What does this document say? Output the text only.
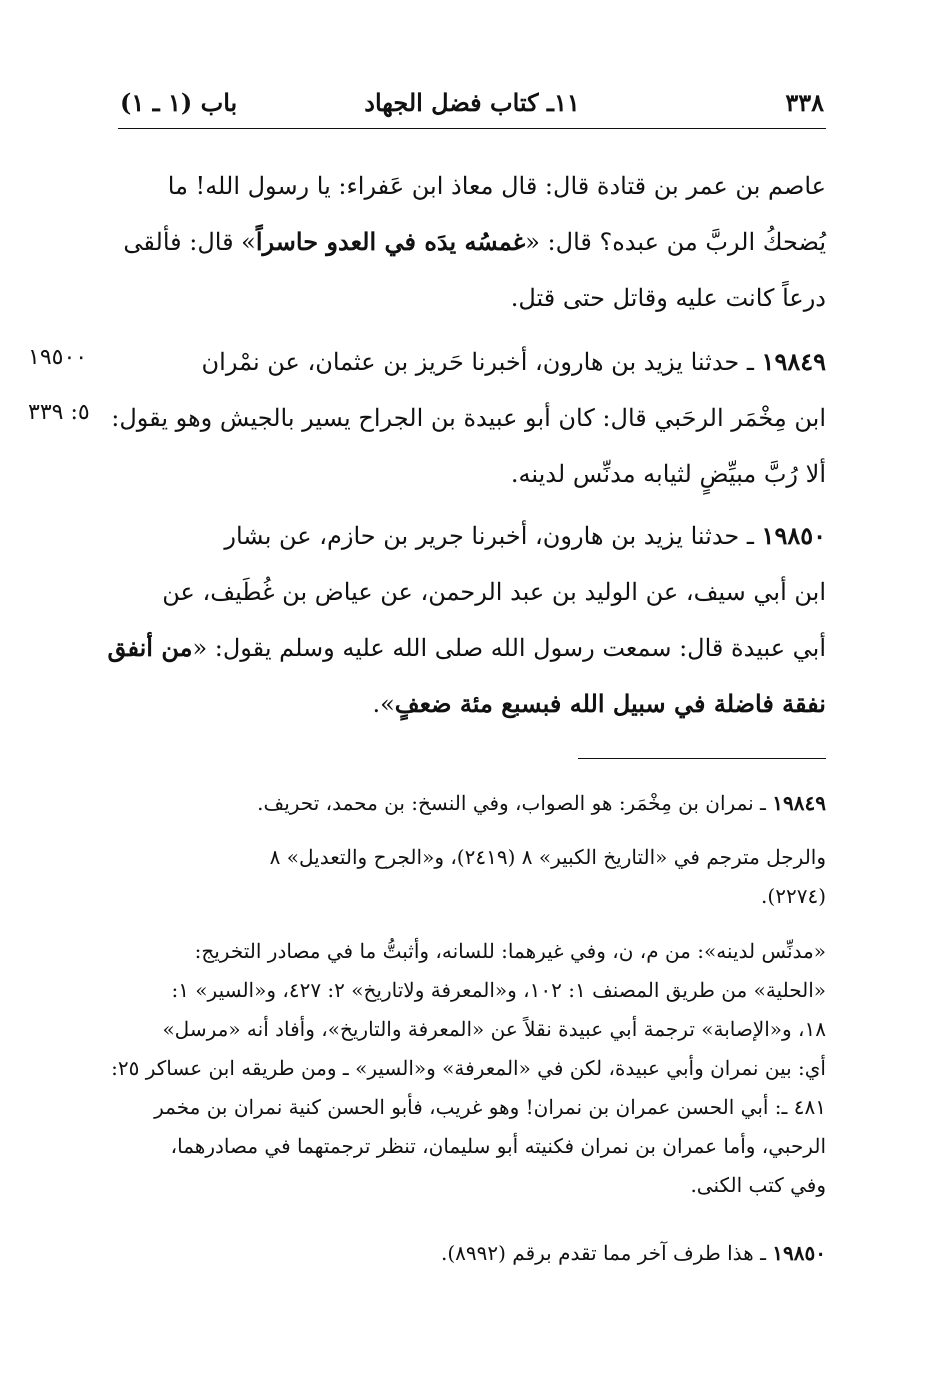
٣٣٨
١١ـ كتاب فضل الجهاد
باب (١ ـ ١)
١٩٥٠٠
٥: ٣٣٩
عاصم بن عمر بن قتادة قال: قال معاذ ابن عَفراء: يا رسول الله! ما
يُضحكُ الربَّ من عبده؟ قال: «غمسُه يدَه في العدو حاسراً» قال: فألقى
درعاً كانت عليه وقاتل حتى قتل.
١٩٨٤٩ ـ حدثنا يزيد بن هارون، أخبرنا حَريز بن عثمان، عن نمْران
ابن مِخْمَر الرحَبي قال: كان أبو عبيدة بن الجراح يسير بالجيش وهو يقول:
ألا رُبَّ مبيِّضٍ لثيابه مدنِّس لدينه.
١٩٨٥٠ ـ حدثنا يزيد بن هارون، أخبرنا جرير بن حازم، عن بشار
ابن أبي سيف، عن الوليد بن عبد الرحمن، عن عياض بن غُطَيف، عن
أبي عبيدة قال: سمعت رسول الله صلى الله عليه وسلم يقول: «من أنفق
نفقة فاضلة في سبيل الله فبسبع مئة ضعفٍ».
١٩٨٤٩ ـ نمران بن مِخْمَر: هو الصواب، وفي النسخ: بن محمد، تحريف.
والرجل مترجم في «التاريخ الكبير» ٨ (٢٤١٩)، و«الجرح والتعديل» ٨
(٢٢٧٤).
«مدنِّس لدينه»: من م، ن، وفي غيرهما: للسانه، وأثبتُّ ما في مصادر التخريج:
«الحلية» من طريق المصنف ١: ١٠٢، و«المعرفة ولاتاريخ» ٢: ٤٢٧، و«السير» ١:
١٨، و«الإصابة» ترجمة أبي عبيدة نقلاً عن «المعرفة والتاريخ»، وأفاد أنه «مرسل»
أي: بين نمران وأبي عبيدة، لكن في «المعرفة» و«السير» ـ ومن طريقه ابن عساكر ٢٥:
٤٨١ ـ: أبي الحسن عمران بن نمران! وهو غريب، فأبو الحسن كنية نمران بن مخمر
الرحبي، وأما عمران بن نمران فكنيته أبو سليمان، تنظر ترجمتهما في مصادرهما،
وفي كتب الكنى.
١٩٨٥٠ ـ هذا طرف آخر مما تقدم برقم (٨٩٩٢).
